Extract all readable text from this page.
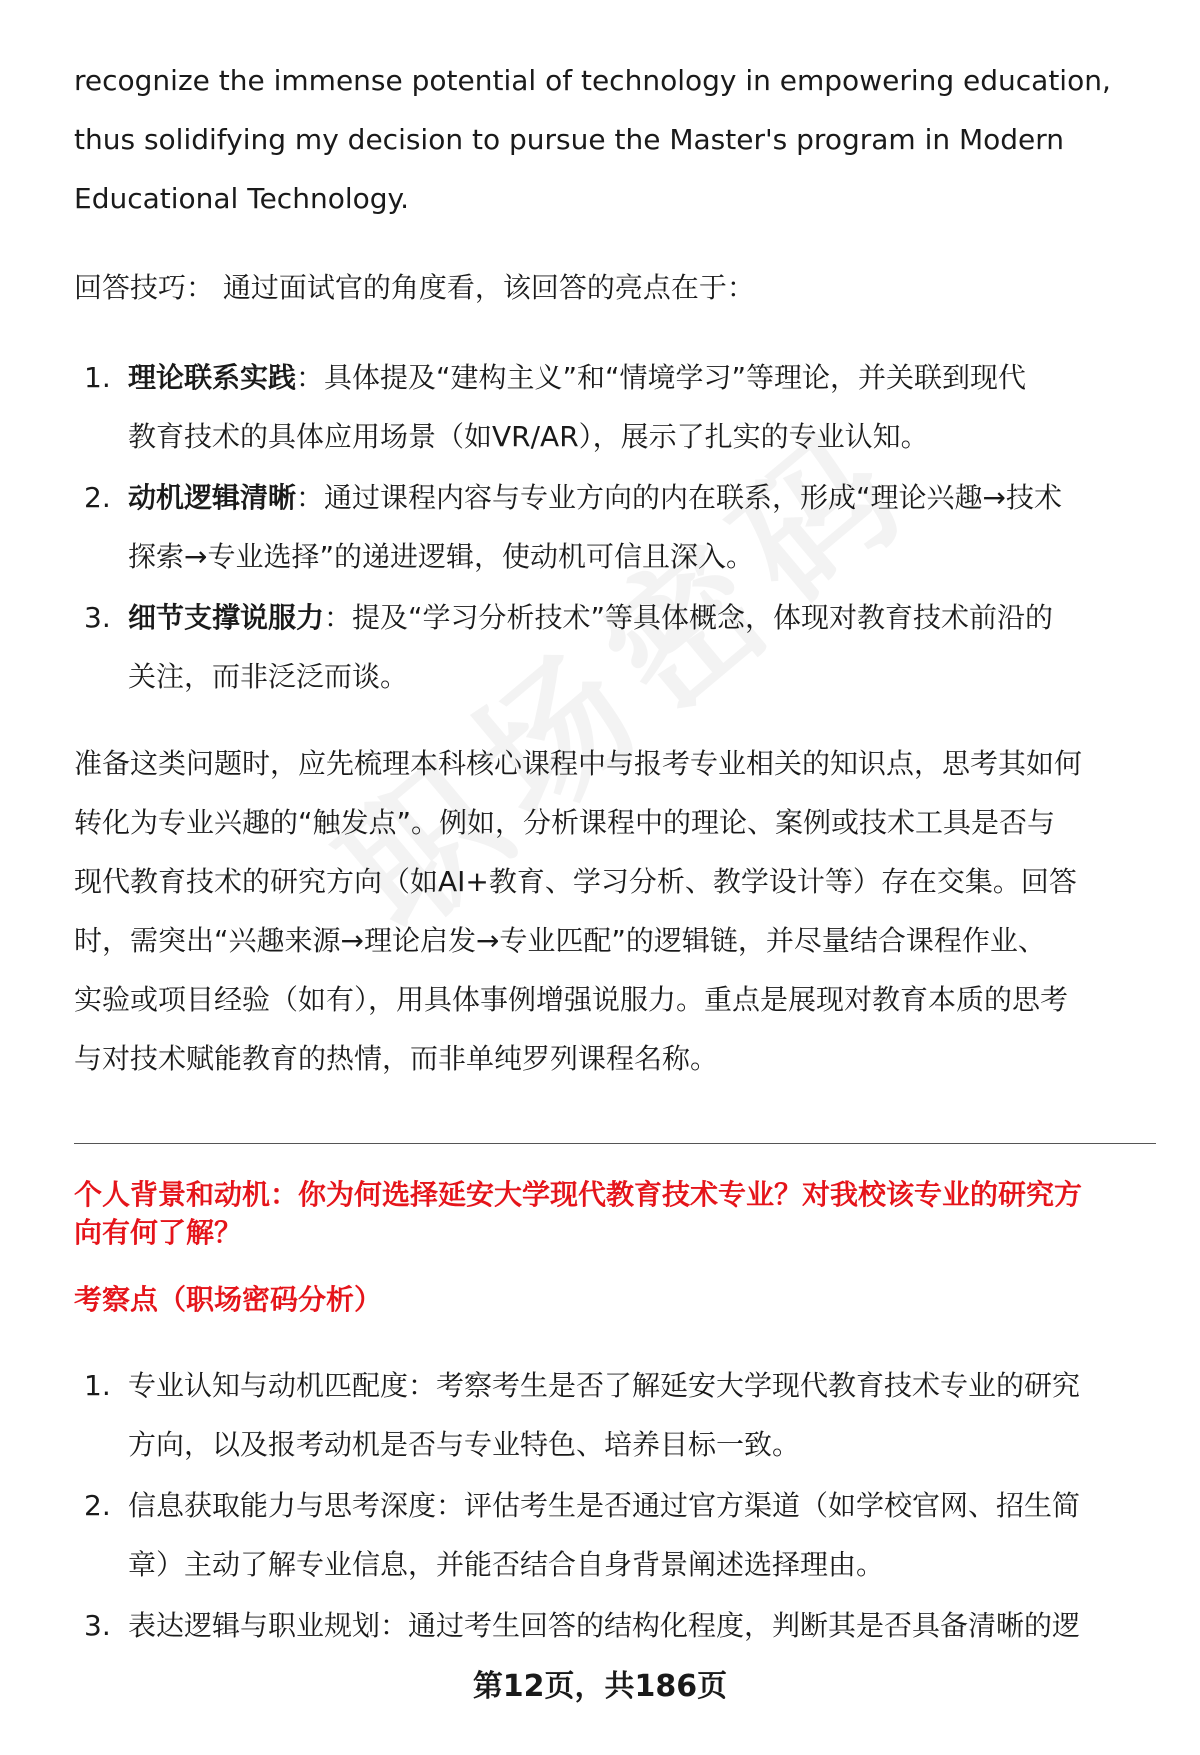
recognize the immense potential of technology in empowering education,

thus solidifying my decision to pursue the Master's program in Modern

Educational Technology.

回答技巧： 通过面试官的角度看，该回答的亮点在于：

1. 理论联系实践：具体提及“建构主义”和“情境学习”等理论，并关联到现代
教育技术的具体应用场景（如VR/AR），展示了扎实的专业认知。
2. 动机逻辑清晰：通过课程内容与专业方向的内在联系，形成“理论兴趣→技术
探索→专业选择”的递进逻辑，使动机可信且深入。
3. 细节支撑说服力：提及“学习分析技术”等具体概念，体现对教育技术前沿的
关注，而非泛泛而谈。

准备这类问题时，应先梳理本科核心课程中与报考专业相关的知识点，思考其如何

转化为专业兴趣的“触发点”。例如，分析课程中的理论、案例或技术工具是否与

现代教育技术的研究方向（如AI+教育、学习分析、教学设计等）存在交集。回答

时，需突出“兴趣来源→理论启发→专业匹配”的逻辑链，并尽量结合课程作业、

实验或项目经验（如有），用具体事例增强说服力。重点是展现对教育本质的思考

与对技术赋能教育的热情，而非单纯罗列课程名称。

个人背景和动机：你为何选择延安大学现代教育技术专业？对我校该专业的研究方
向有何了解？

考察点（职场密码分析）

1. 专业认知与动机匹配度：考察考生是否了解延安大学现代教育技术专业的研究
方向，以及报考动机是否与专业特色、培养目标一致。
2. 信息获取能力与思考深度：评估考生是否通过官方渠道（如学校官网、招生简
章）主动了解专业信息，并能否结合自身背景阐述选择理由。
3. 表达逻辑与职业规划：通过考生回答的结构化程度，判断其是否具备清晰的逻
第12页，共186页
